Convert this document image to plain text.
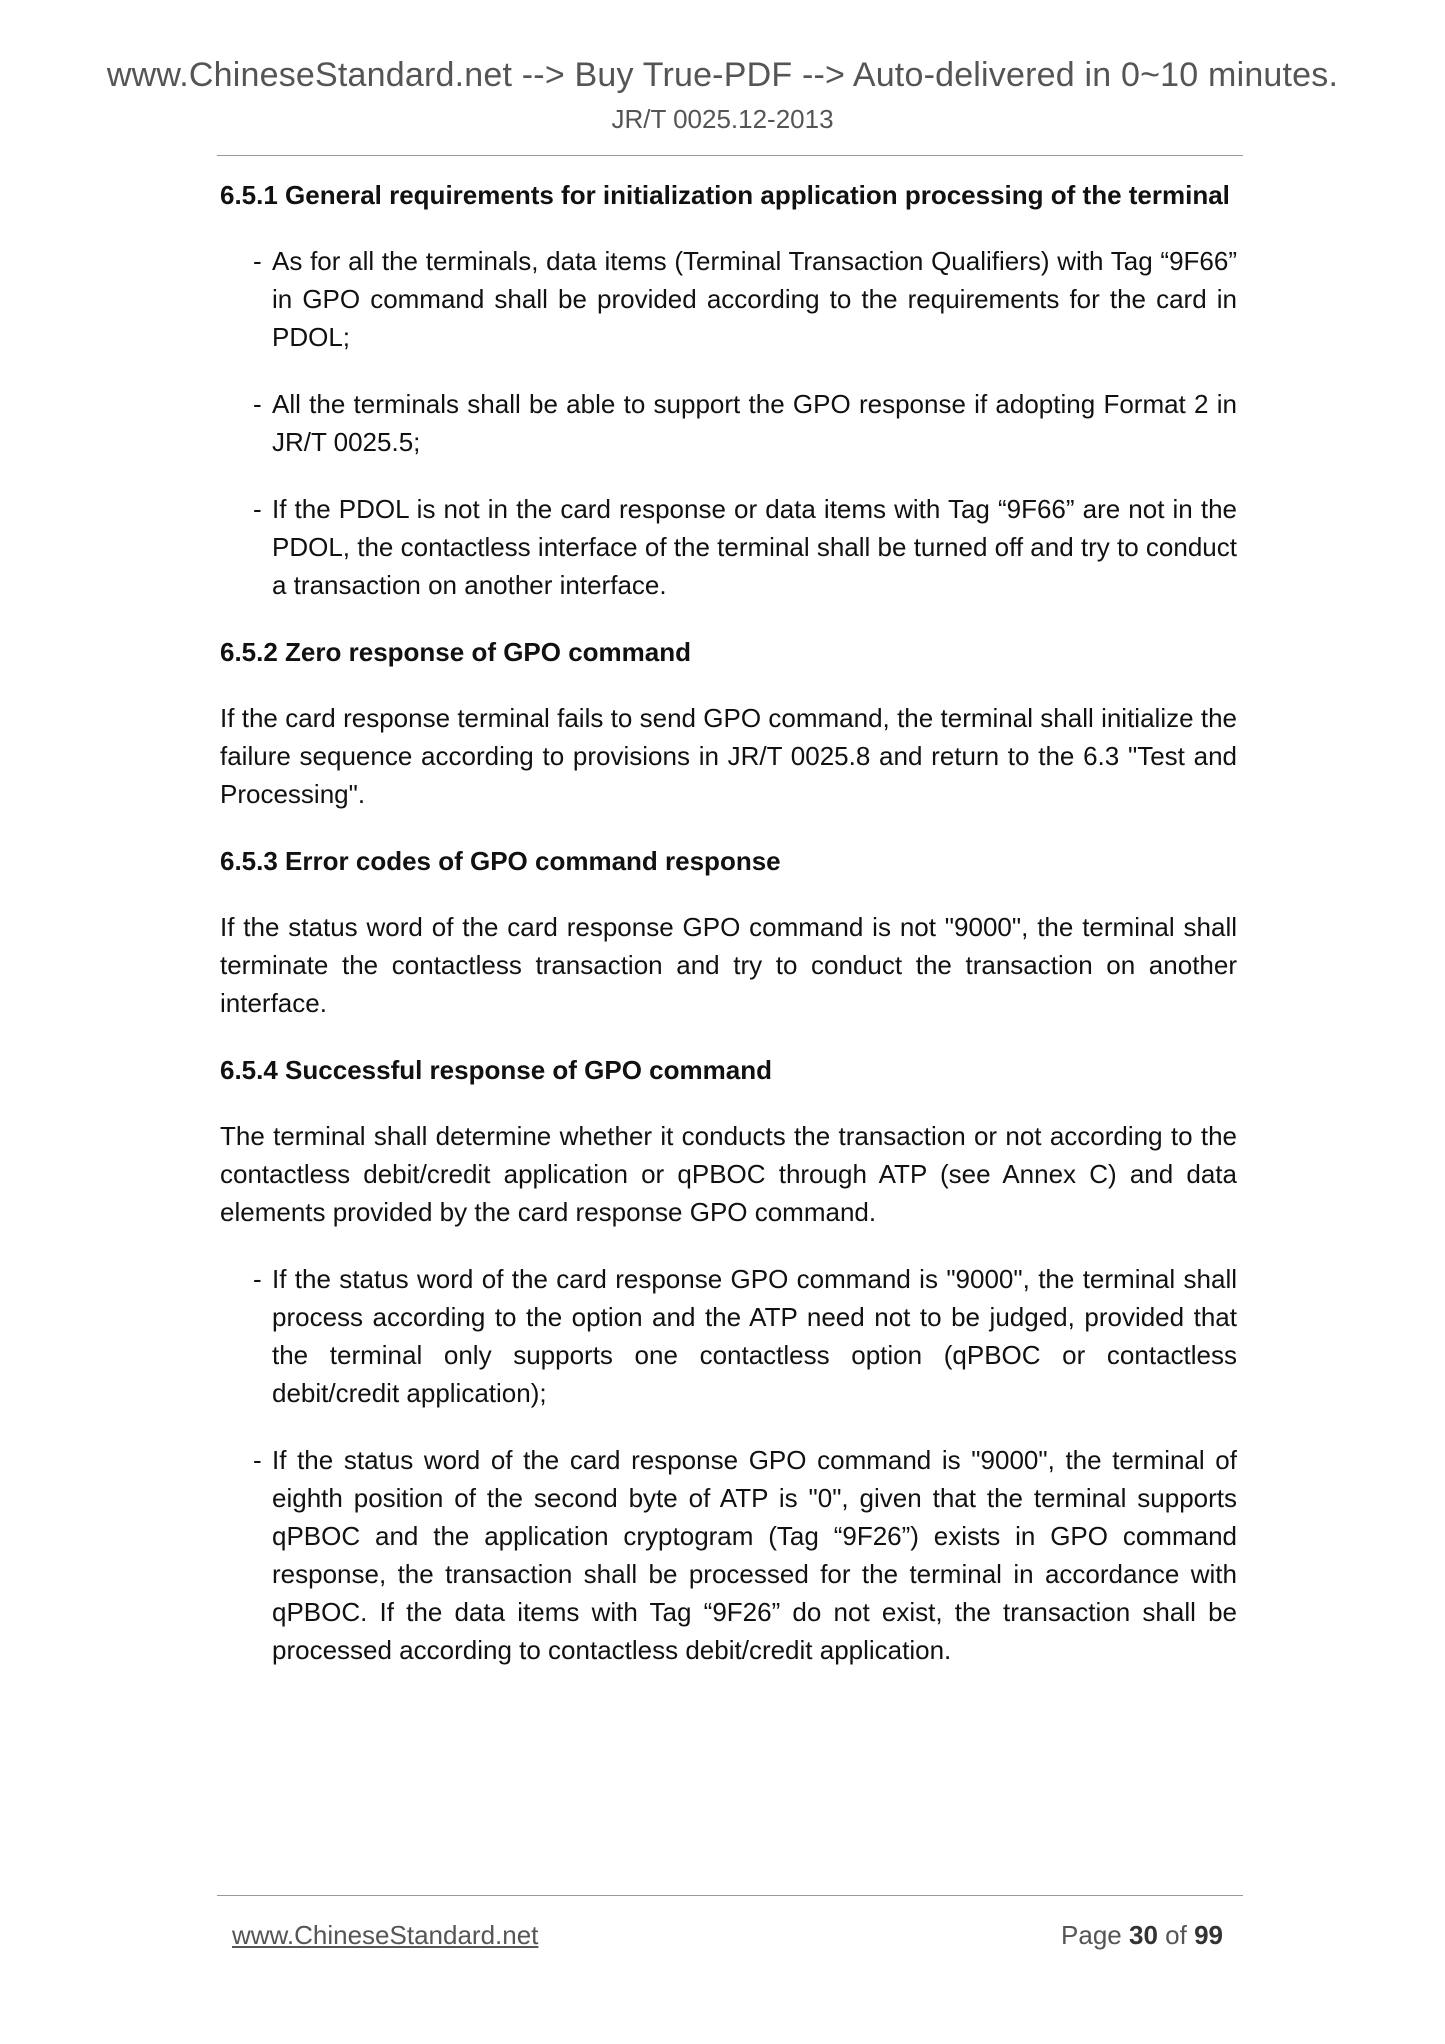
www.ChineseStandard.net --> Buy True-PDF --> Auto-delivered in 0~10 minutes.
JR/T 0025.12-2013
6.5.1 General requirements for initialization application processing of the terminal
- As for all the terminals, data items (Terminal Transaction Qualifiers) with Tag “9F66” in GPO command shall be provided according to the requirements for the card in PDOL;
- All the terminals shall be able to support the GPO response if adopting Format 2 in JR/T 0025.5;
- If the PDOL is not in the card response or data items with Tag “9F66” are not in the PDOL, the contactless interface of the terminal shall be turned off and try to conduct a transaction on another interface.
6.5.2 Zero response of GPO command

If the card response terminal fails to send GPO command, the terminal shall initialize the failure sequence according to provisions in JR/T 0025.8 and return to the 6.3 "Test and Processing".

6.5.3 Error codes of GPO command response

If the status word of the card response GPO command is not "9000", the terminal shall terminate the contactless transaction and try to conduct the transaction on another interface.

6.5.4 Successful response of GPO command

The terminal shall determine whether it conducts the transaction or not according to the contactless debit/credit application or qPBOC through ATP (see Annex C) and data elements provided by the card response GPO command.

- If the status word of the card response GPO command is "9000", the terminal shall process according to the option and the ATP need not to be judged, provided that the terminal only supports one contactless option (qPBOC or contactless debit/credit application);
- If the status word of the card response GPO command is "9000", the terminal of eighth position of the second byte of ATP is "0", given that the terminal supports qPBOC and the application cryptogram (Tag “9F26”) exists in GPO command response, the transaction shall be processed for the terminal in accordance with qPBOC. If the data items with Tag “9F26” do not exist, the transaction shall be processed according to contactless debit/credit application.
www.ChineseStandard.net	Page 30 of 99
